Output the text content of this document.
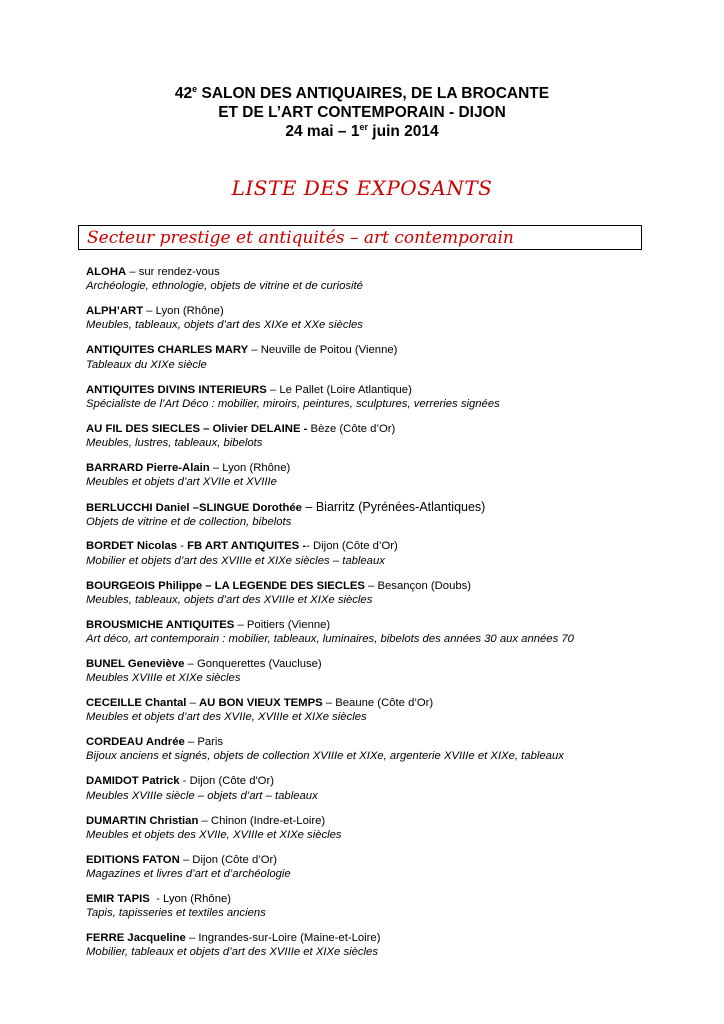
42e SALON DES ANTIQUAIRES, DE LA BROCANTE
ET DE L’ART CONTEMPORAIN - DIJON
24 mai – 1er juin 2014
LISTE DES EXPOSANTS
Secteur prestige et antiquités – art contemporain
ALOHA – sur rendez-vous
Archéologie, ethnologie, objets de vitrine et de curiosité
ALPH’ART – Lyon (Rhône)
Meubles, tableaux, objets d’art des XIXe et XXe siècles
ANTIQUITES CHARLES MARY – Neuville de Poitou (Vienne)
Tableaux du XIXe siècle
ANTIQUITES DIVINS INTERIEURS – Le Pallet (Loire Atlantique)
Spécialiste de l’Art Déco : mobilier, miroirs, peintures, sculptures, verreries signées
AU FIL DES SIECLES – Olivier DELAINE - Bèze (Côte d’Or)
Meubles, lustres, tableaux, bibelots
BARRARD Pierre-Alain – Lyon (Rhône)
Meubles et objets d’art XVIIe et XVIIIe
BERLUCCHI Daniel –SLINGUE Dorothée – Biarritz (Pyrénées-Atlantiques)
Objets de vitrine et de collection, bibelots
BORDET Nicolas - FB ART ANTIQUITES -- Dijon (Côte d’Or)
Mobilier et objets d’art des XVIIIe et XIXe siècles – tableaux
BOURGEOIS Philippe – LA LEGENDE DES SIECLES – Besançon (Doubs)
Meubles, tableaux, objets d’art des XVIIIe et XIXe siècles
BROUSMICHE ANTIQUITES – Poitiers (Vienne)
Art déco, art contemporain : mobilier, tableaux, luminaires, bibelots des années 30 aux années 70
BUNEL Geneviève – Gonquerettes (Vaucluse)
Meubles XVIIIe et XIXe siècles
CECEILLE Chantal – AU BON VIEUX TEMPS – Beaune (Côte d’Or)
Meubles et objets d’art des XVIIe, XVIIIe et XIXe siècles
CORDEAU Andrée – Paris
Bijoux anciens et signés, objets de collection XVIIIe et XIXe, argenterie XVIIIe et XIXe, tableaux
DAMIDOT Patrick - Dijon (Côte d'Or)
Meubles XVIIIe siècle – objets d’art – tableaux
DUMARTIN Christian – Chinon (Indre-et-Loire)
Meubles et objets des XVIIe, XVIIIe et XIXe siècles
EDITIONS FATON – Dijon (Côte d’Or)
Magazines et livres d’art et d’archéologie
EMIR TAPIS  - Lyon (Rhône)
Tapis, tapisseries et textiles anciens
FERRE Jacqueline – Ingrandes-sur-Loire (Maine-et-Loire)
Mobilier, tableaux et objets d’art des XVIIIe et XIXe siècles
